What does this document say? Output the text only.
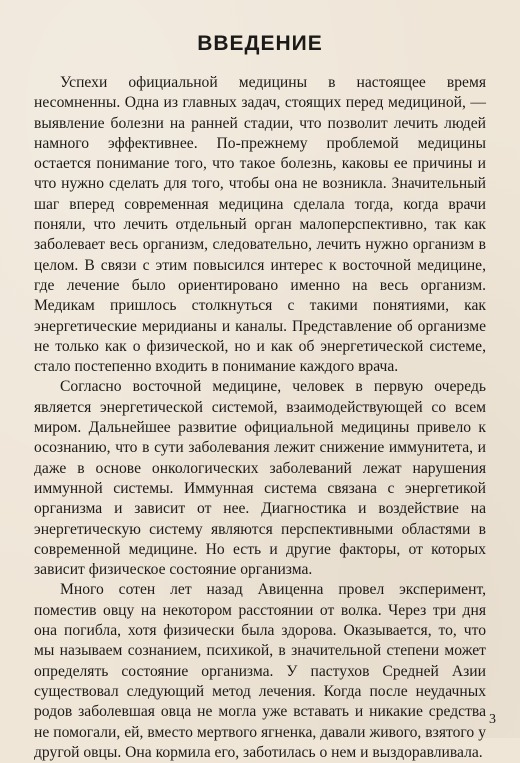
ВВЕДЕНИЕ

Успехи официальной медицины в настоящее время несомненны. Одна из главных задач, стоящих перед медициной, — выявление болезни на ранней стадии, что позволит лечить людей намного эффективнее. По-прежнему проблемой медицины остается понимание того, что такое болезнь, каковы ее причины и что нужно сделать для того, чтобы она не возникла. Значительный шаг вперед современная медицина сделала тогда, когда врачи поняли, что лечить отдельный орган малоперспективно, так как заболевает весь организм, следовательно, лечить нужно организм в целом. В связи с этим повысился интерес к восточной медицине, где лечение было ориентировано именно на весь организм. Медикам пришлось столкнуться с такими понятиями, как энергетические меридианы и каналы. Представление об организме не только как о физической, но и как об энергетической системе, стало постепенно входить в понимание каждого врача.

Согласно восточной медицине, человек в первую очередь является энергетической системой, взаимодействующей со всем миром. Дальнейшее развитие официальной медицины привело к осознанию, что в сути заболевания лежит снижение иммунитета, и даже в основе онкологических заболеваний лежат нарушения иммунной системы. Иммунная система связана с энергетикой организма и зависит от нее. Диагностика и воздействие на энергетическую систему являются перспективными областями в современной медицине. Но есть и другие факторы, от которых зависит физическое состояние организма.

Много сотен лет назад Авиценна провел эксперимент, поместив овцу на некотором расстоянии от волка. Через три дня она погибла, хотя физически была здорова. Оказывается, то, что мы называем сознанием, психикой, в значительной степени может определять состояние организма. У пастухов Средней Азии существовал следующий метод лечения. Когда после неудачных родов заболевшая овца не могла уже вставать и никакие средства не помогали, ей, вместо мертвого ягненка, давали живого, взятого у другой овцы. Она кормила его, заботилась о нем и выздоравливала.

3
